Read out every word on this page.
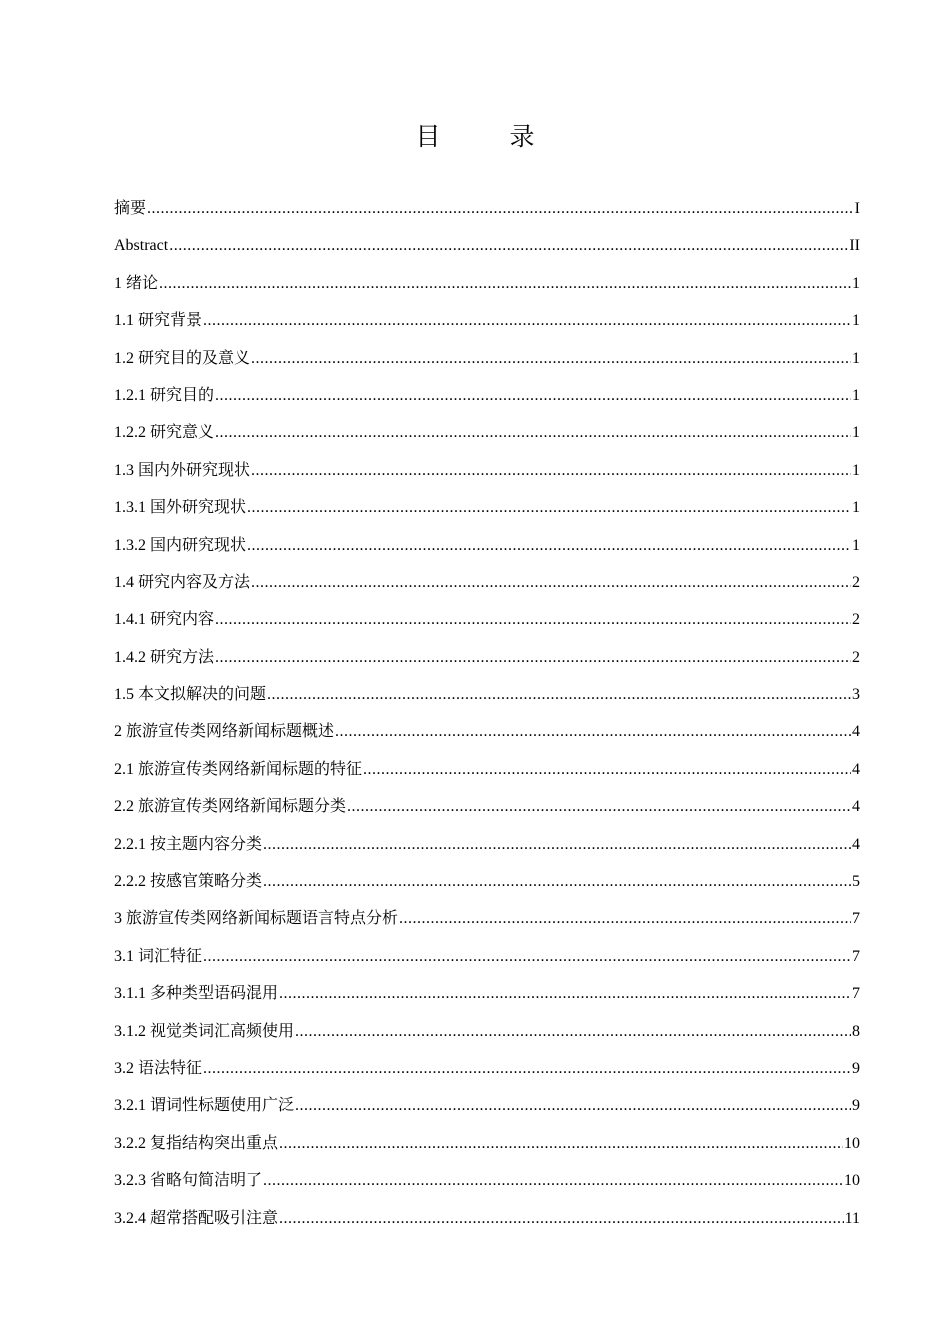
目　录
摘要 .....	I
Abstract .....	II
1 绪论 .....	1
1.1 研究背景 .....	1
1.2 研究目的及意义 .....	1
1.2.1 研究目的 .....	1
1.2.2 研究意义 .....	1
1.3 国内外研究现状 .....	1
1.3.1 国外研究现状 .....	1
1.3.2 国内研究现状 .....	1
1.4 研究内容及方法 .....	2
1.4.1 研究内容 .....	2
1.4.2 研究方法 .....	2
1.5 本文拟解决的问题 .....	3
2 旅游宣传类网络新闻标题概述 .....	4
2.1 旅游宣传类网络新闻标题的特征 .....	4
2.2 旅游宣传类网络新闻标题分类 .....	4
2.2.1 按主题内容分类 .....	4
2.2.2 按感官策略分类 .....	5
3 旅游宣传类网络新闻标题语言特点分析 .....	7
3.1 词汇特征 .....	7
3.1.1 多种类型语码混用 .....	7
3.1.2 视觉类词汇高频使用 .....	8
3.2 语法特征 .....	9
3.2.1 谓词性标题使用广泛 .....	9
3.2.2 复指结构突出重点 .....	10
3.2.3 省略句简洁明了 .....	10
3.2.4 超常搭配吸引注意 .....	11
